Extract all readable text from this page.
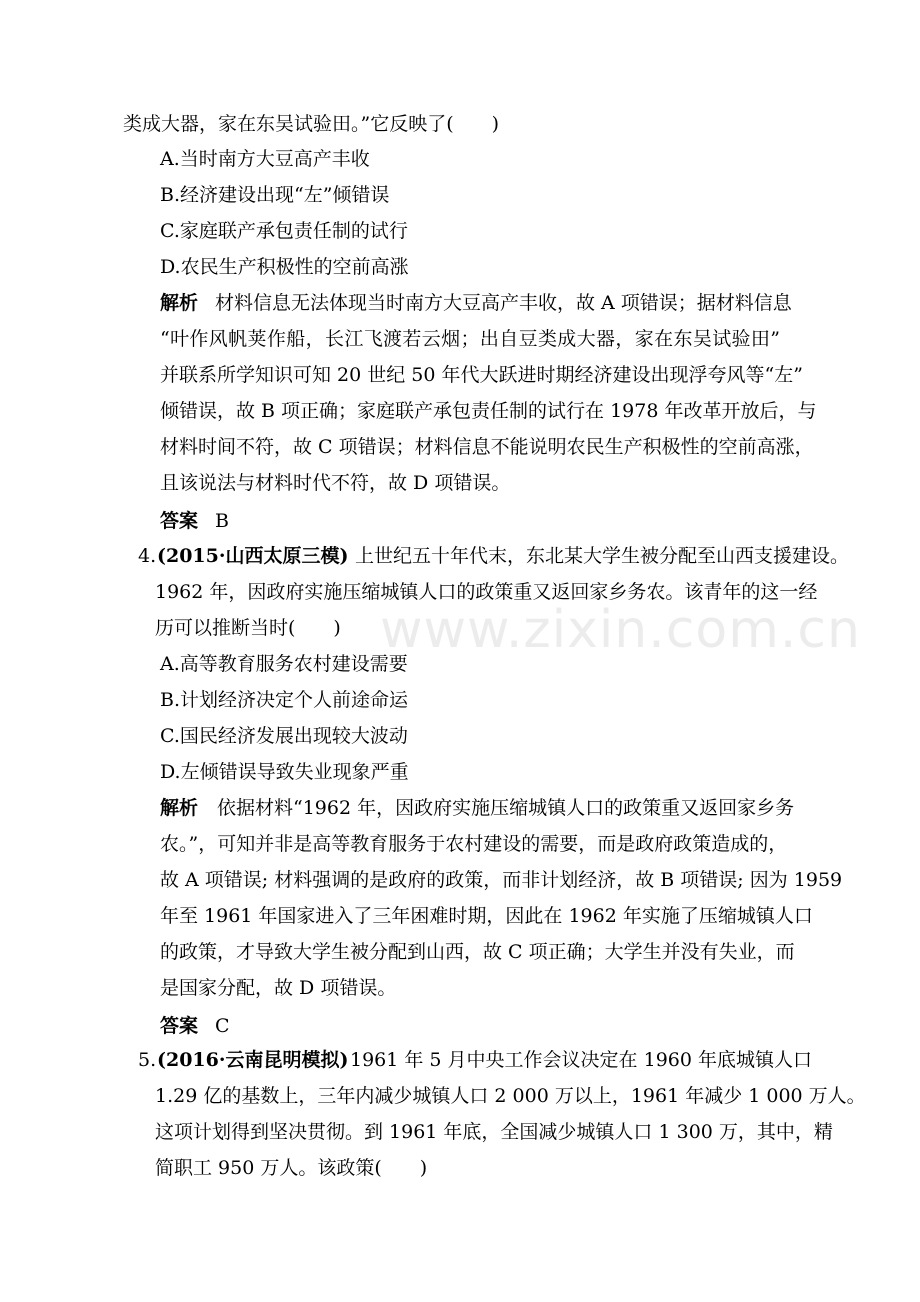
www.zixin.com.cn
类成大器，家在东吴试验田。”它反映了(　　)
A.当时南方大豆高产丰收
B.经济建设出现“左”倾错误
C.家庭联产承包责任制的试行
D.农民生产积极性的空前高涨
解析 材料信息无法体现当时南方大豆高产丰收，故 A 项错误；据材料信息
“叶作风帆荚作船，长江飞渡若云烟；出自豆类成大器，家在东吴试验田”
并联系所学知识可知 20 世纪 50 年代大跃进时期经济建设出现浮夸风等“左”
倾错误，故 B 项正确；家庭联产承包责任制的试行在 1978 年改革开放后，与
材料时间不符，故 C 项错误；材料信息不能说明农民生产积极性的空前高涨，
且该说法与材料时代不符，故 D 项错误。
答案 B
4. (2015·山西太原三模) 上世纪五十年代末，东北某大学生被分配至山西支援建设。
1962 年，因政府实施压缩城镇人口的政策重又返回家乡务农。该青年的这一经
历可以推断当时(　　)
A.高等教育服务农村建设需要
B.计划经济决定个人前途命运
C.国民经济发展出现较大波动
D.左倾错误导致失业现象严重
解析 依据材料“1962 年，因政府实施压缩城镇人口的政策重又返回家乡务
农。”，可知并非是高等教育服务于农村建设的需要，而是政府政策造成的，
故 A 项错误; 材料强调的是政府的政策，而非计划经济，故 B 项错误; 因为 1959
年至 1961 年国家进入了三年困难时期，因此在 1962 年实施了压缩城镇人口
的政策，才导致大学生被分配到山西，故 C 项正确；大学生并没有失业，而
是国家分配，故 D 项错误。
答案 C
5. (2016·云南昆明模拟) 1961 年 5 月中央工作会议决定在 1960 年底城镇人口
1.29 亿的基数上，三年内减少城镇人口 2 000 万以上，1961 年减少 1 000 万人。
这项计划得到坚决贯彻。到 1961 年底，全国减少城镇人口 1 300 万，其中，精
简职工 950 万人。该政策(　　)
